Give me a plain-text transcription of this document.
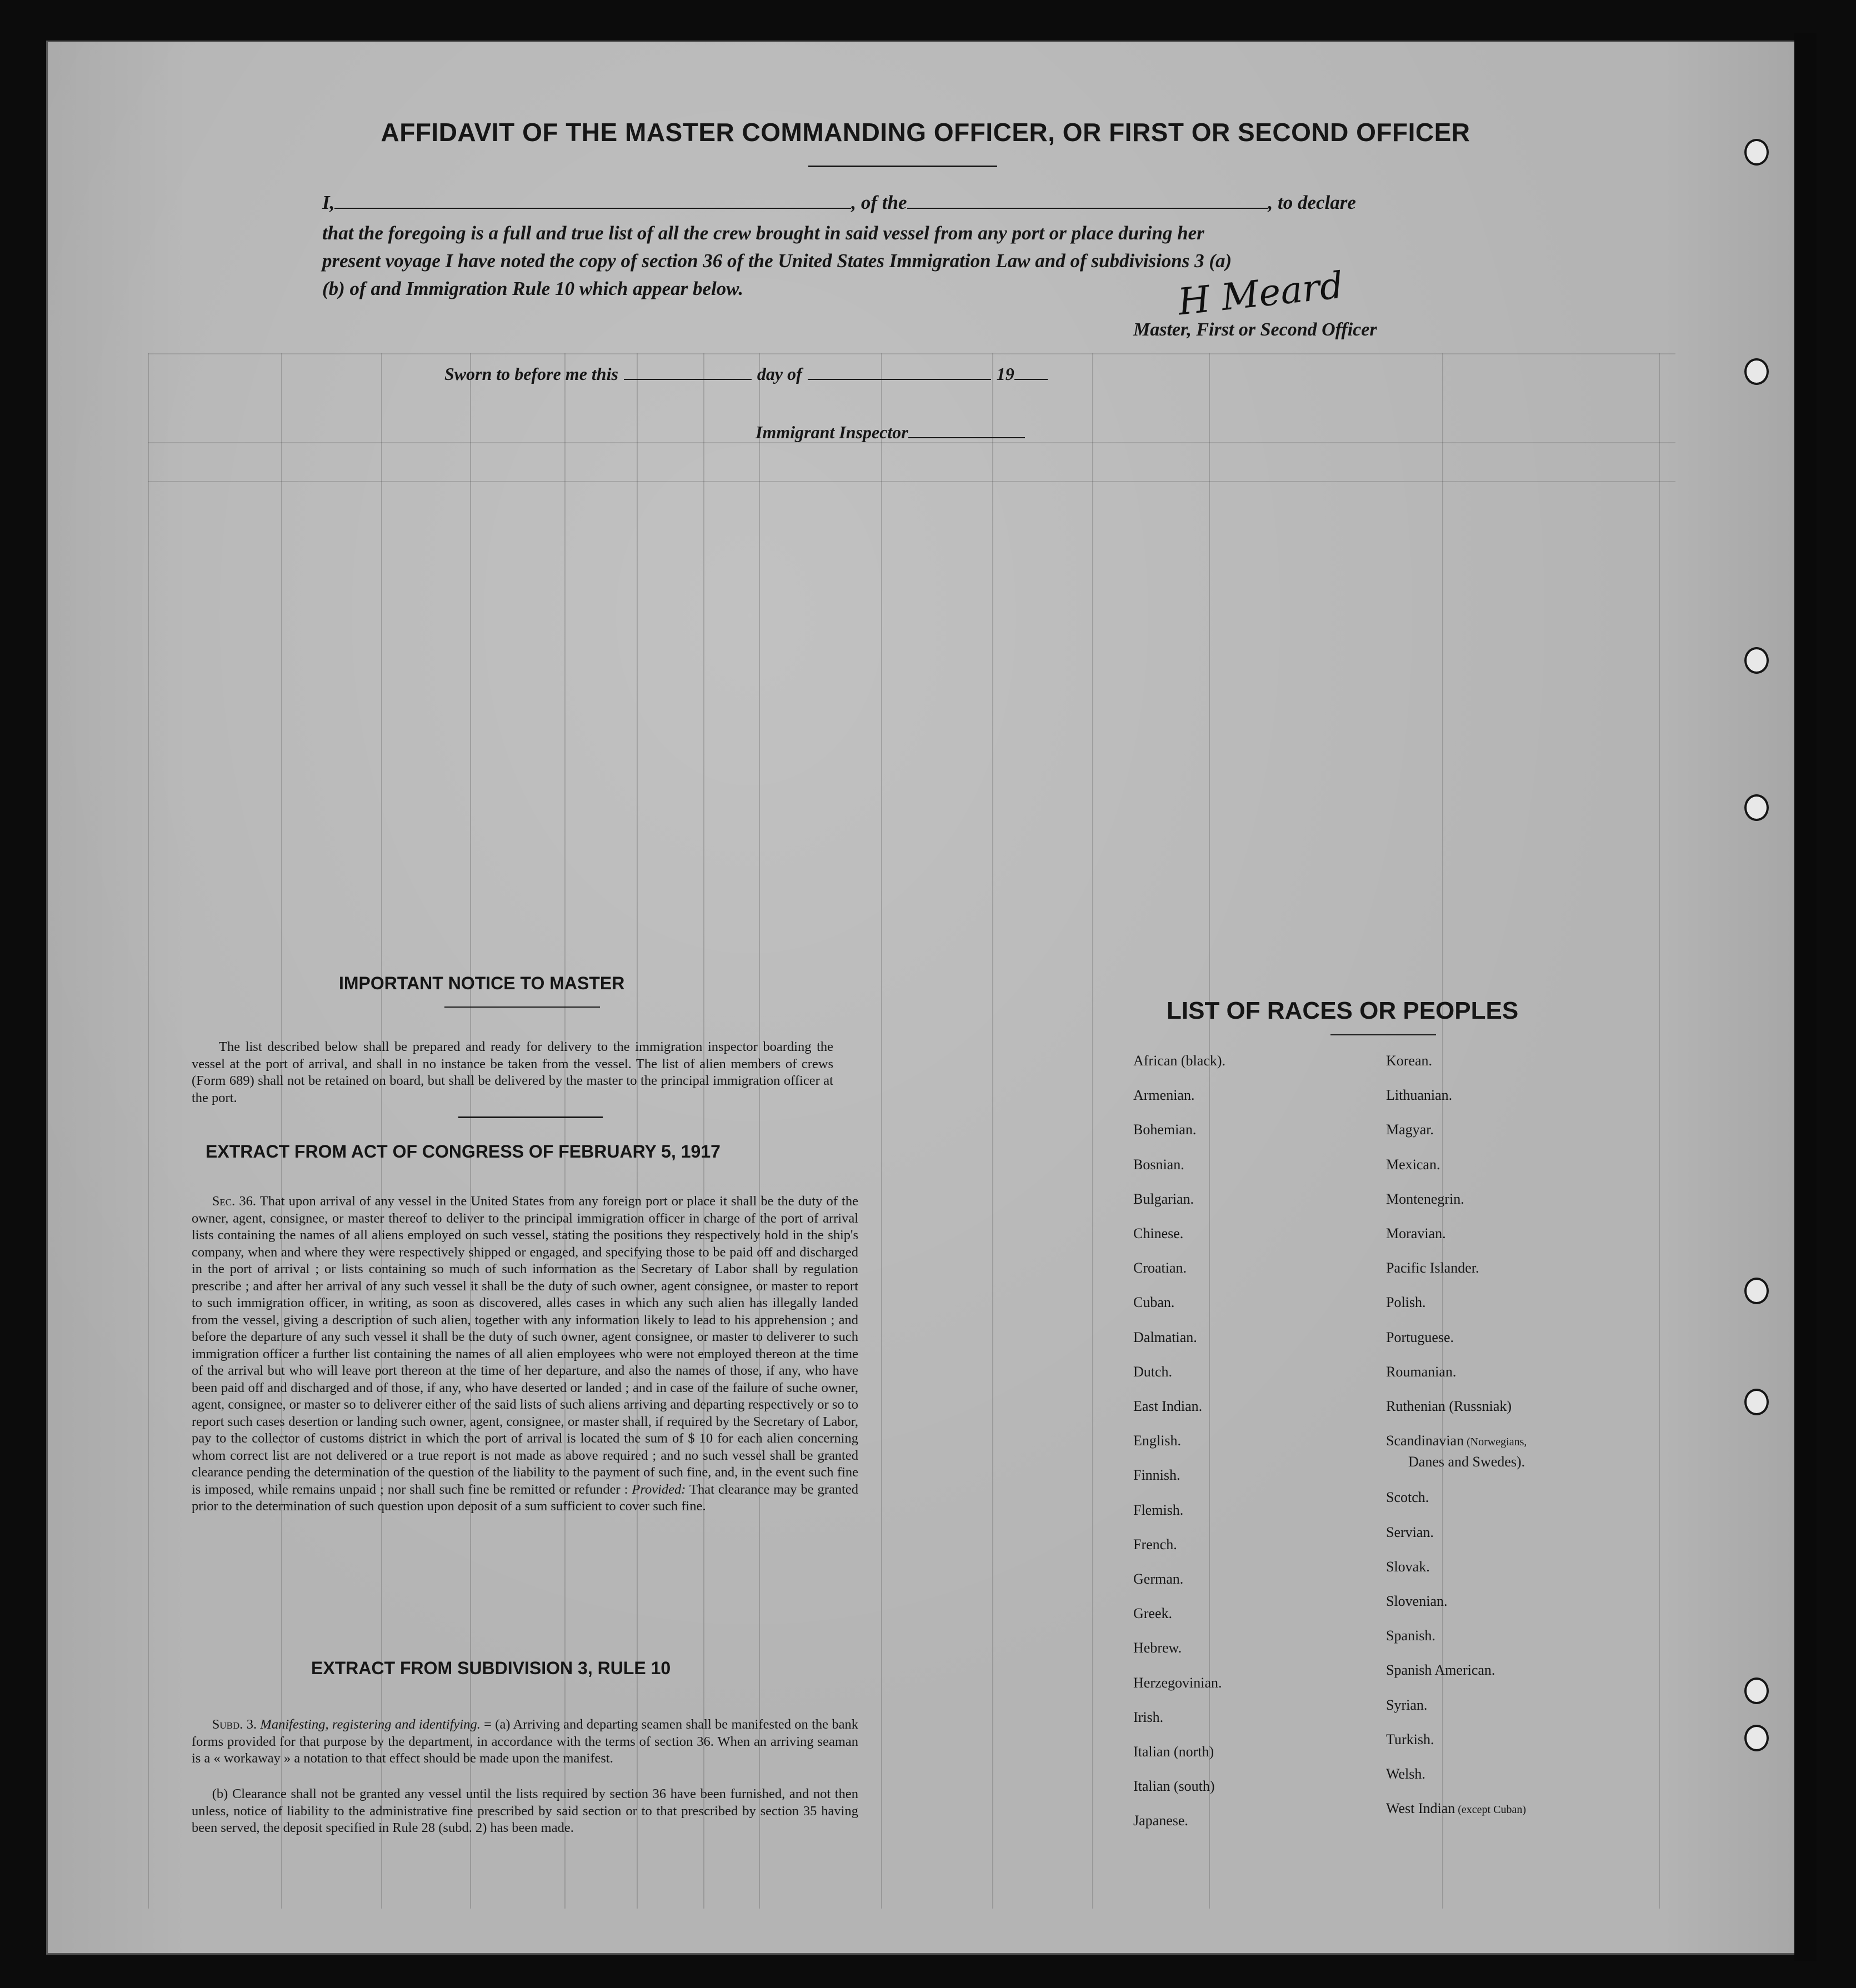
AFFIDAVIT OF THE MASTER COMMANDING OFFICER, OR FIRST OR SECOND OFFICER
I,	, of the	, to declare
that the foregoing is a full and true list of all the crew brought in said vessel from any port or place during her
present voyage I have noted the copy of section 36 of the United States Immigration Law and of subdivisions 3 (a)
(b) of and Immigration Rule 10 which appear below.	H Meard
Master, First or Second Officer
Sworn to before me this	day of	19
Immigrant Inspector
IMPORTANT NOTICE TO MASTER
The list described below shall be prepared and ready for delivery to the immigration inspector boarding the vessel at the port of arrival, and shall in no instance be taken from the vessel. The list of alien members of crews (Form 689) shall not be retained on board, but shall be delivered by the master to the principal immigration officer at the port.
EXTRACT FROM ACT OF CONGRESS OF FEBRUARY 5, 1917
Sec. 36. That upon arrival of any vessel in the United States from any foreign port or place it shall be the duty of the owner, agent, consignee, or master thereof to deliver to the principal immigration officer in charge of the port of arrival lists containing the names of all aliens employed on such vessel, stating the positions they respectively hold in the ship's company, when and where they were respectively shipped or engaged, and specifying those to be paid off and discharged in the port of arrival ; or lists containing so much of such information as the Secretary of Labor shall by regulation prescribe ; and after her arrival of any such vessel it shall be the duty of such owner, agent consignee, or master to report to such immigration officer, in writing, as soon as discovered, alles cases in which any such alien has illegally landed from the vessel, giving a description of such alien, together with any information likely to lead to his apprehension ; and before the departure of any such vessel it shall be the duty of such owner, agent consignee, or master to deliverer to such immigration officer a further list containing the names of all alien employees who were not employed thereon at the time of the arrival but who will leave port thereon at the time of her departure, and also the names of those, if any, who have been paid off and discharged and of those, if any, who have deserted or landed ; and in case of the failure of suche owner, agent, consignee, or master so to deliverer either of the said lists of such aliens arriving and departing respectively or so to report such cases desertion or landing such owner, agent, consignee, or master shall, if required by the Secretary of Labor, pay to the collector of customs district in which the port of arrival is located the sum of $ 10 for each alien concerning whom correct list are not delivered or a true report is not made as above required ; and no such vessel shall be granted clearance pending the determination of the question of the liability to the payment of such fine, and, in the event such fine is imposed, while remains unpaid ; nor shall such fine be remitted or refunder : Provided: That clearance may be granted prior to the determination of such question upon deposit of a sum sufficient to cover such fine.
EXTRACT FROM SUBDIVISION 3, RULE 10
Subd. 3. Manifesting, registering and identifying. = (a) Arriving and departing seamen shall be manifested on the bank forms provided for that purpose by the department, in accordance with the terms of section 36. When an arriving seaman is a « workaway » a notation to that effect should be made upon the manifest.
(b) Clearance shall not be granted any vessel until the lists required by section 36 have been furnished, and not then unless, notice of liability to the administrative fine prescribed by said section or to that prescribed by section 35 having been served, the deposit specified in Rule 28 (subd. 2) has been made.
LIST OF RACES OR PEOPLES
African (black).
Armenian.
Bohemian.
Bosnian.
Bulgarian.
Chinese.
Croatian.
Cuban.
Dalmatian.
Dutch.
East Indian.
English.
Finnish.
Flemish.
French.
German.
Greek.
Hebrew.
Herzegovinian.
Irish.
Italian (north)
Italian (south)
Japanese.
Korean.
Lithuanian.
Magyar.
Mexican.
Montenegrin.
Moravian.
Pacific Islander.
Polish.
Portuguese.
Roumanian.
Ruthenian (Russniak)
Danes and Swedes).
Scandinavian (Norwegians,
Scotch.
Servian.
Slovak.
Slovenian.
Spanish.
Spanish American.
Syrian.
Turkish.
Welsh.
West Indian (except Cuban)
